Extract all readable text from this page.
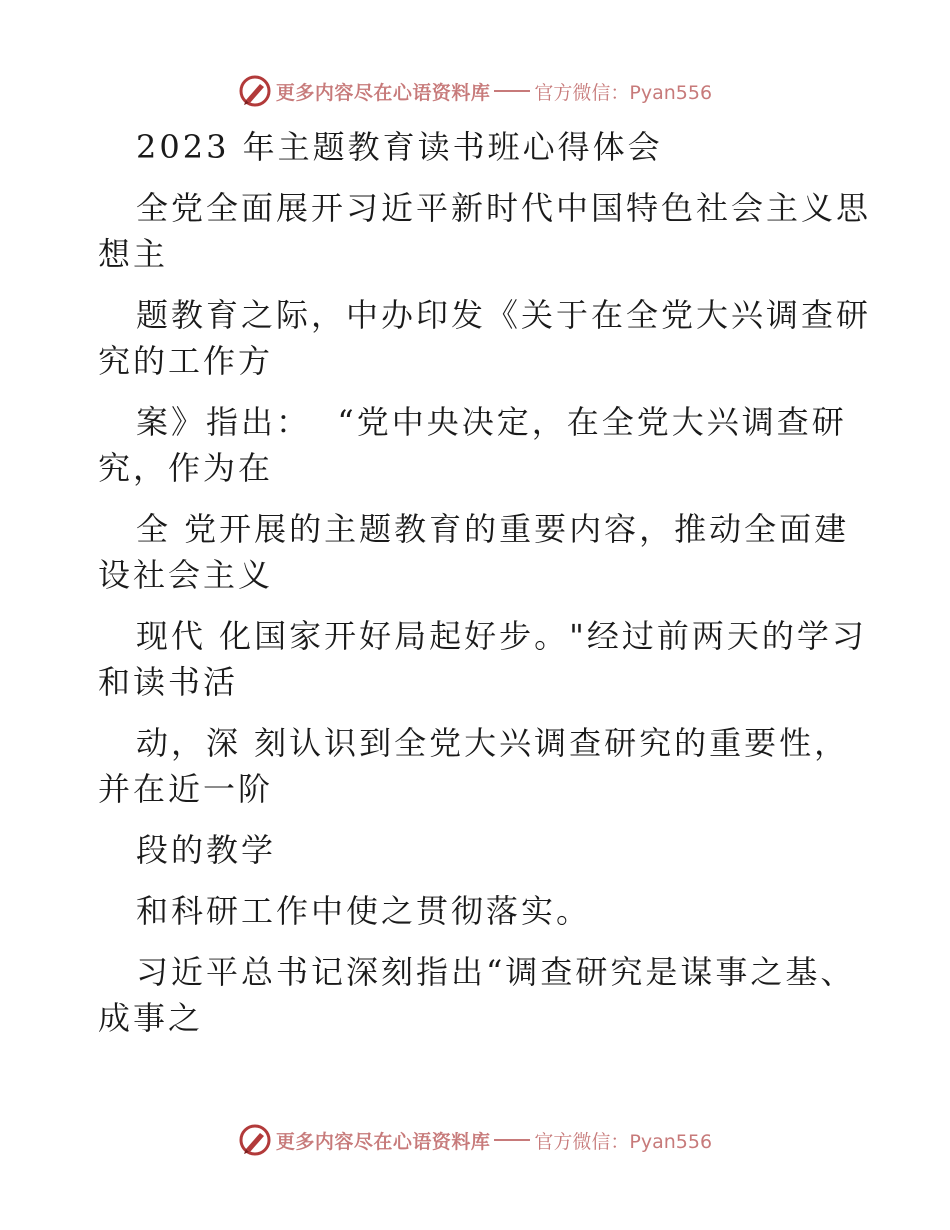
更多内容尽在心语资料库 官方微信：Pyan556
2023 年主题教育读书班心得体会
全党全面展开习近平新时代中国特色社会主义思
想主
题教育之际，中办印发《关于在全党大兴调查研
究的工作方
案》指出：  “党中央决定，在全党大兴调查研
究，作为在
全 党开展的主题教育的重要内容，推动全面建
设社会主义
现代 化国家开好局起好步。"经过前两天的学习
和读书活
动，深 刻认识到全党大兴调查研究的重要性，
并在近一阶
段的教学
和科研工作中使之贯彻落实。
习近平总书记深刻指出“调查研究是谋事之基、
成事之
更多内容尽在心语资料库 官方微信：Pyan556
